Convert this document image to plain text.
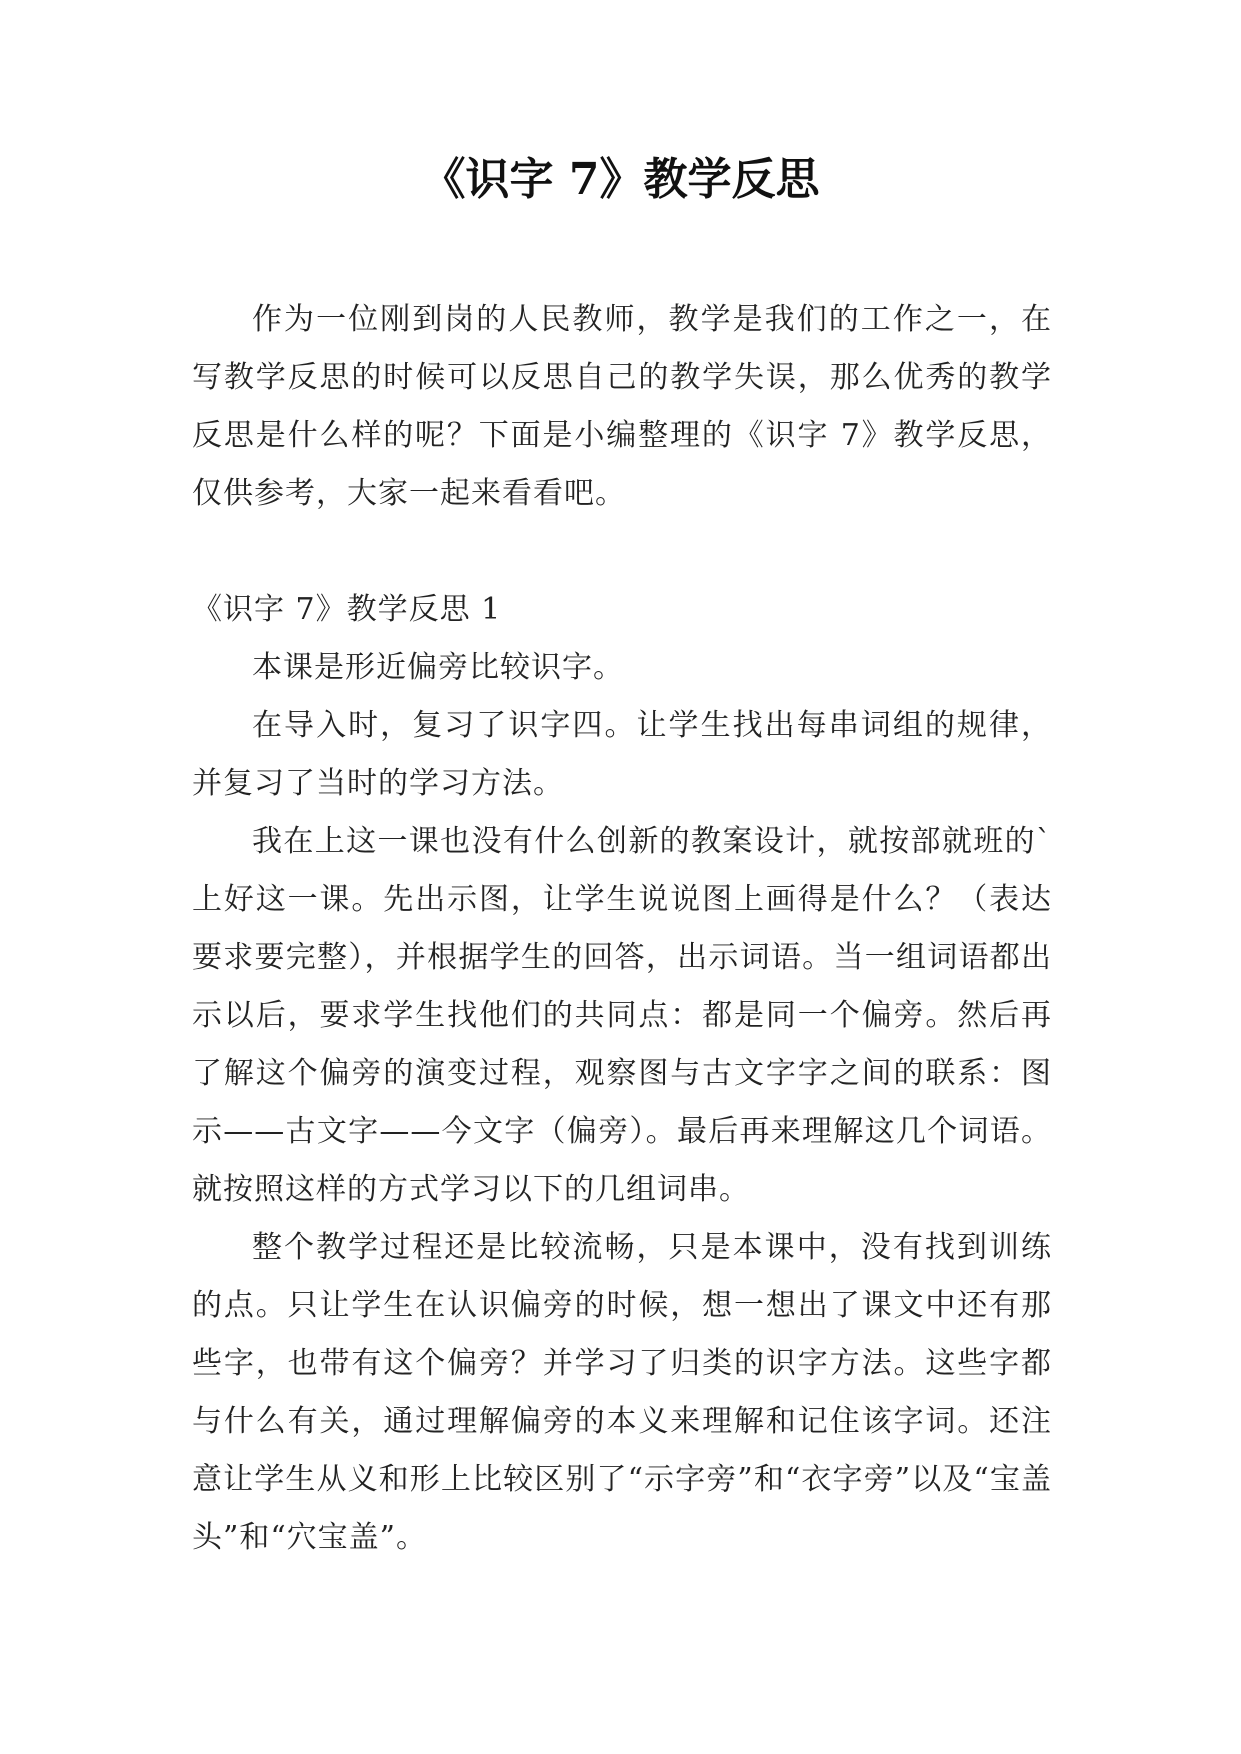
《识字 7》教学反思

作为一位刚到岗的人民教师，教学是我们的工作之一，在写教学反思的时候可以反思自己的教学失误，那么优秀的教学反思是什么样的呢？下面是小编整理的《识字 7》教学反思，仅供参考，大家一起来看看吧。

《识字 7》教学反思 1

本课是形近偏旁比较识字。

在导入时，复习了识字四。让学生找出每串词组的规律，并复习了当时的学习方法。

我在上这一课也没有什么创新的教案设计，就按部就班的`上好这一课。先出示图，让学生说说图上画得是什么？（表达要求要完整），并根据学生的回答，出示词语。当一组词语都出示以后，要求学生找他们的共同点：都是同一个偏旁。然后再了解这个偏旁的演变过程，观察图与古文字字之间的联系：图示——古文字——今文字（偏旁）。最后再来理解这几个词语。就按照这样的方式学习以下的几组词串。

整个教学过程还是比较流畅，只是本课中，没有找到训练的点。只让学生在认识偏旁的时候，想一想出了课文中还有那些字，也带有这个偏旁？并学习了归类的识字方法。这些字都与什么有关，通过理解偏旁的本义来理解和记住该字词。还注意让学生从义和形上比较区别了“示字旁”和“衣字旁”以及“宝盖头”和“穴宝盖”。
